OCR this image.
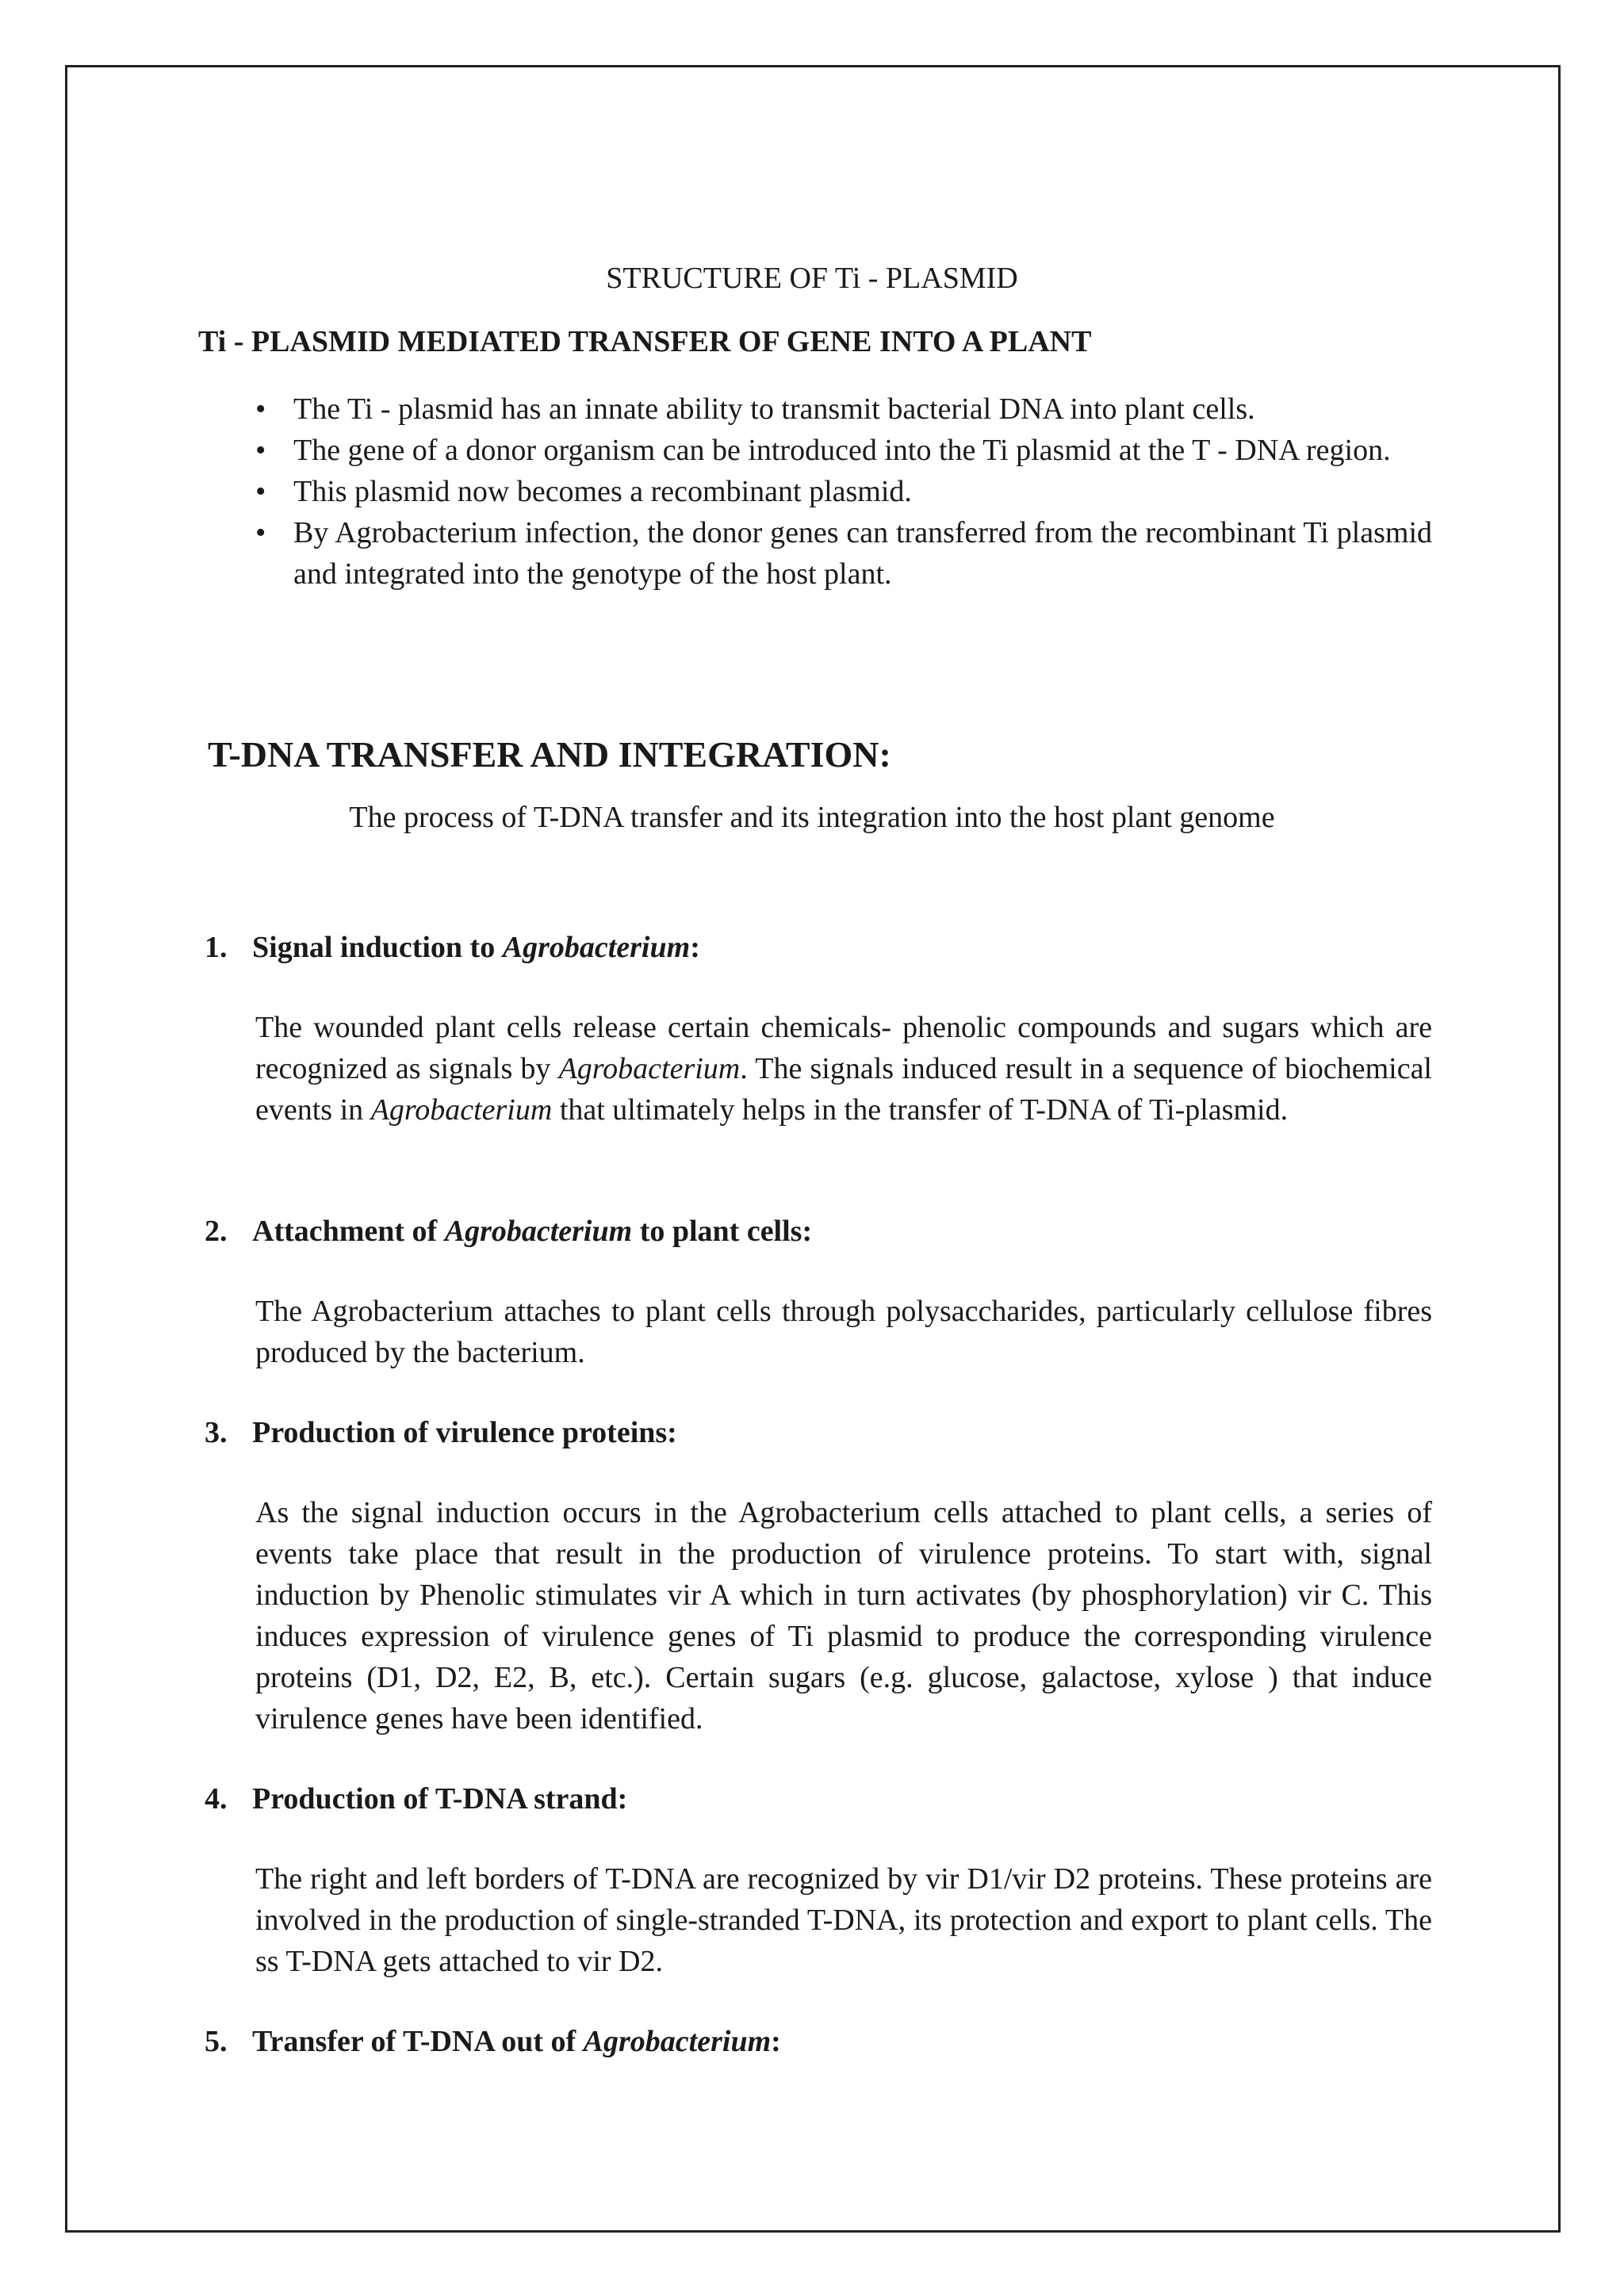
STRUCTURE OF Ti - PLASMID

Ti - PLASMID MEDIATED TRANSFER OF GENE INTO A PLANT

• The Ti - plasmid has an innate ability to transmit bacterial DNA into plant cells.
• The gene of a donor organism can be introduced into the Ti plasmid at the T - DNA region.
• This plasmid now becomes a recombinant plasmid.
• By Agrobacterium infection, the donor genes can transferred from the recombinant Ti plasmid and integrated into the genotype of the host plant.

T-DNA TRANSFER AND INTEGRATION:

The process of T-DNA transfer and its integration into the host plant genome

1. Signal induction to Agrobacterium:

The wounded plant cells release certain chemicals- phenolic compounds and sugars which are recognized as signals by Agrobacterium. The signals induced result in a sequence of biochemical events in Agrobacterium that ultimately helps in the transfer of T-DNA of Ti-plasmid.

2. Attachment of Agrobacterium to plant cells:

The Agrobacterium attaches to plant cells through polysaccharides, particularly cellulose fibres produced by the bacterium.

3. Production of virulence proteins:

As the signal induction occurs in the Agrobacterium cells attached to plant cells, a series of events take place that result in the production of virulence proteins. To start with, signal induction by Phenolic stimulates vir A which in turn activates (by phosphorylation) vir C. This induces expression of virulence genes of Ti plasmid to produce the corresponding virulence proteins (D1, D2, E2, B, etc.). Certain sugars (e.g. glucose, galactose, xylose ) that induce virulence genes have been identified.

4. Production of T-DNA strand:

The right and left borders of T-DNA are recognized by vir D1/vir D2 proteins. These proteins are involved in the production of single-stranded T-DNA, its protection and export to plant cells. The ss T-DNA gets attached to vir D2.

5. Transfer of T-DNA out of Agrobacterium:
